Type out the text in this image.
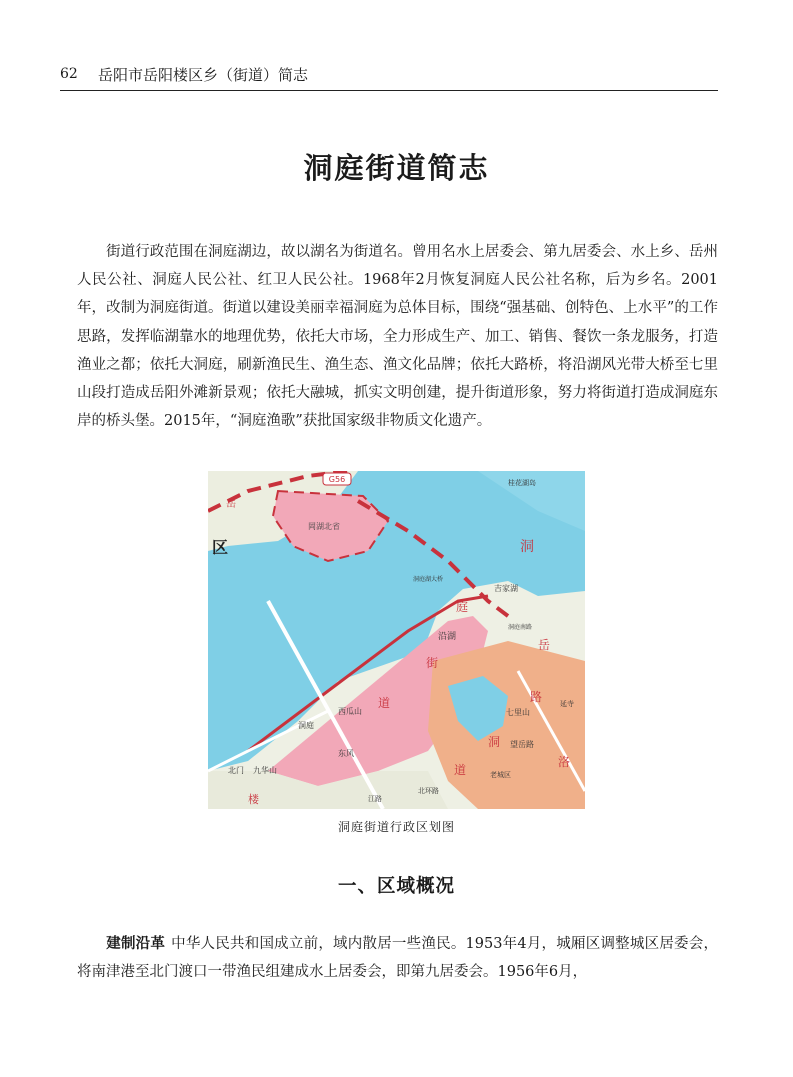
62 岳阳市岳阳楼区乡（街道）简志
洞庭街道简志
街道行政范围在洞庭湖边，故以湖名为街道名。曾用名水上居委会、第九居委会、水上乡、岳州人民公社、洞庭人民公社、红卫人民公社。1968年2月恢复洞庭人民公社名称，后为乡名。2001年，改制为洞庭街道。街道以建设美丽幸福洞庭为总体目标，围绕“强基础、创特色、上水平”的工作思路，发挥临湖靠水的地理优势，依托大市场，全力形成生产、加工、销售、餐饮一条龙服务，打造渔业之都；依托大洞庭，刷新渔民生、渔生态、渔文化品牌；依托大路桥，将沿湖风光带大桥至七里山段打造成岳阳外滩新景观；依托大融城，抓实文明创建，提升街道形象，努力将街道打造成洞庭东岸的桥头堡。2015年，“洞庭渔歌”获批国家级非物质文化遗产。
G56
岳
区
岡湖北省
桂花湖岛
洞
庭
街
道
岳
路
洞
道
洛
沿湖
吉家湖
西瓜山	七里山
洞庭
望岳路
老城区
北门 九华山
东风
楼
延寺
北环路
江路
洞庭湖大桥
洞庭南路
洞庭街道行政区划图
一、区域概况
建制沿革 中华人民共和国成立前，域内散居一些渔民。1953年4月，城厢区调整城区居委会，将南津港至北门渡口一带渔民组建成水上居委会，即第九居委会。1956年6月，
